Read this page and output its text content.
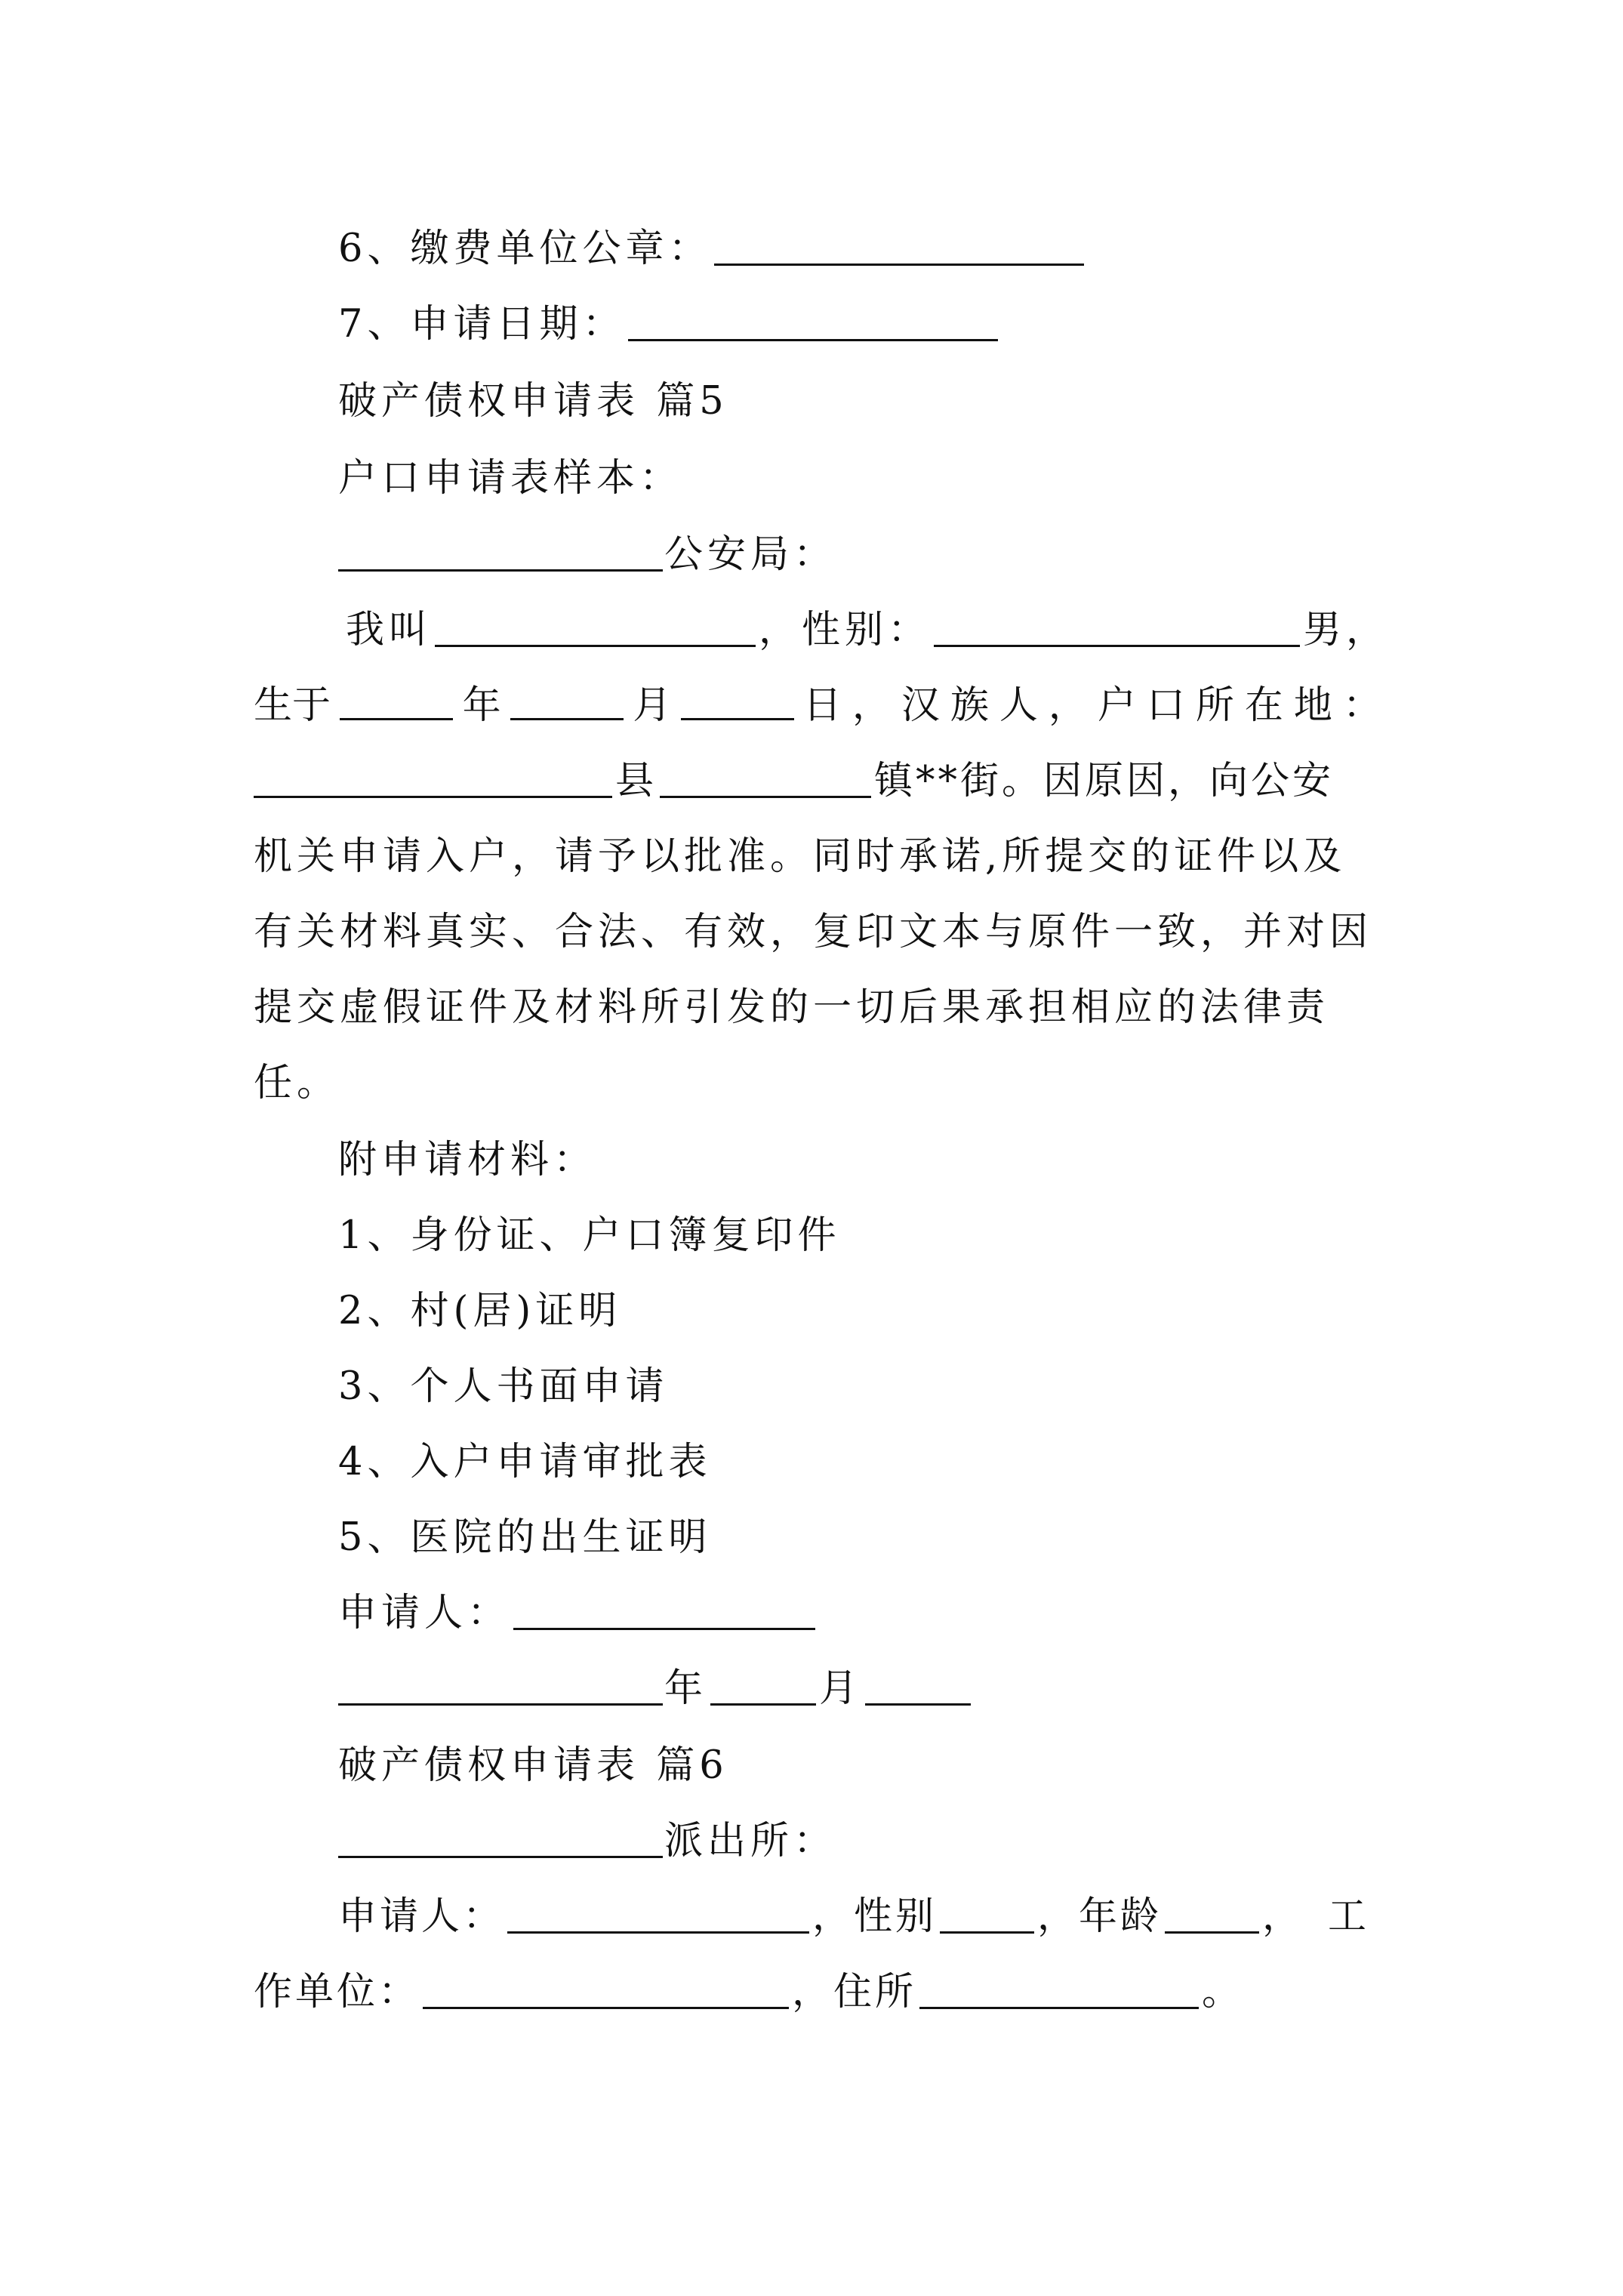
6、缴费单位公章：
7、申请日期：
破产债权申请表 篇5
户口申请表样本：
公安局：
我叫	，性别：	男，
生于	年	月	日，汉族人，户口所在地：
县	镇**街。因原因，向公安
机关申请入户，请予以批准。同时承诺,所提交的证件以及
有关材料真实、合法、有效，复印文本与原件一致，并对因
提交虚假证件及材料所引发的一切后果承担相应的法律责
任。
附申请材料：
1、身份证、户口簿复印件
2、村(居)证明
3、个人书面申请
4、入户申请审批表
5、医院的出生证明
申请人：
年	月
破产债权申请表 篇6
派出所：
申请人：	，性别	，年龄	，工
作单位：	，住所	。
